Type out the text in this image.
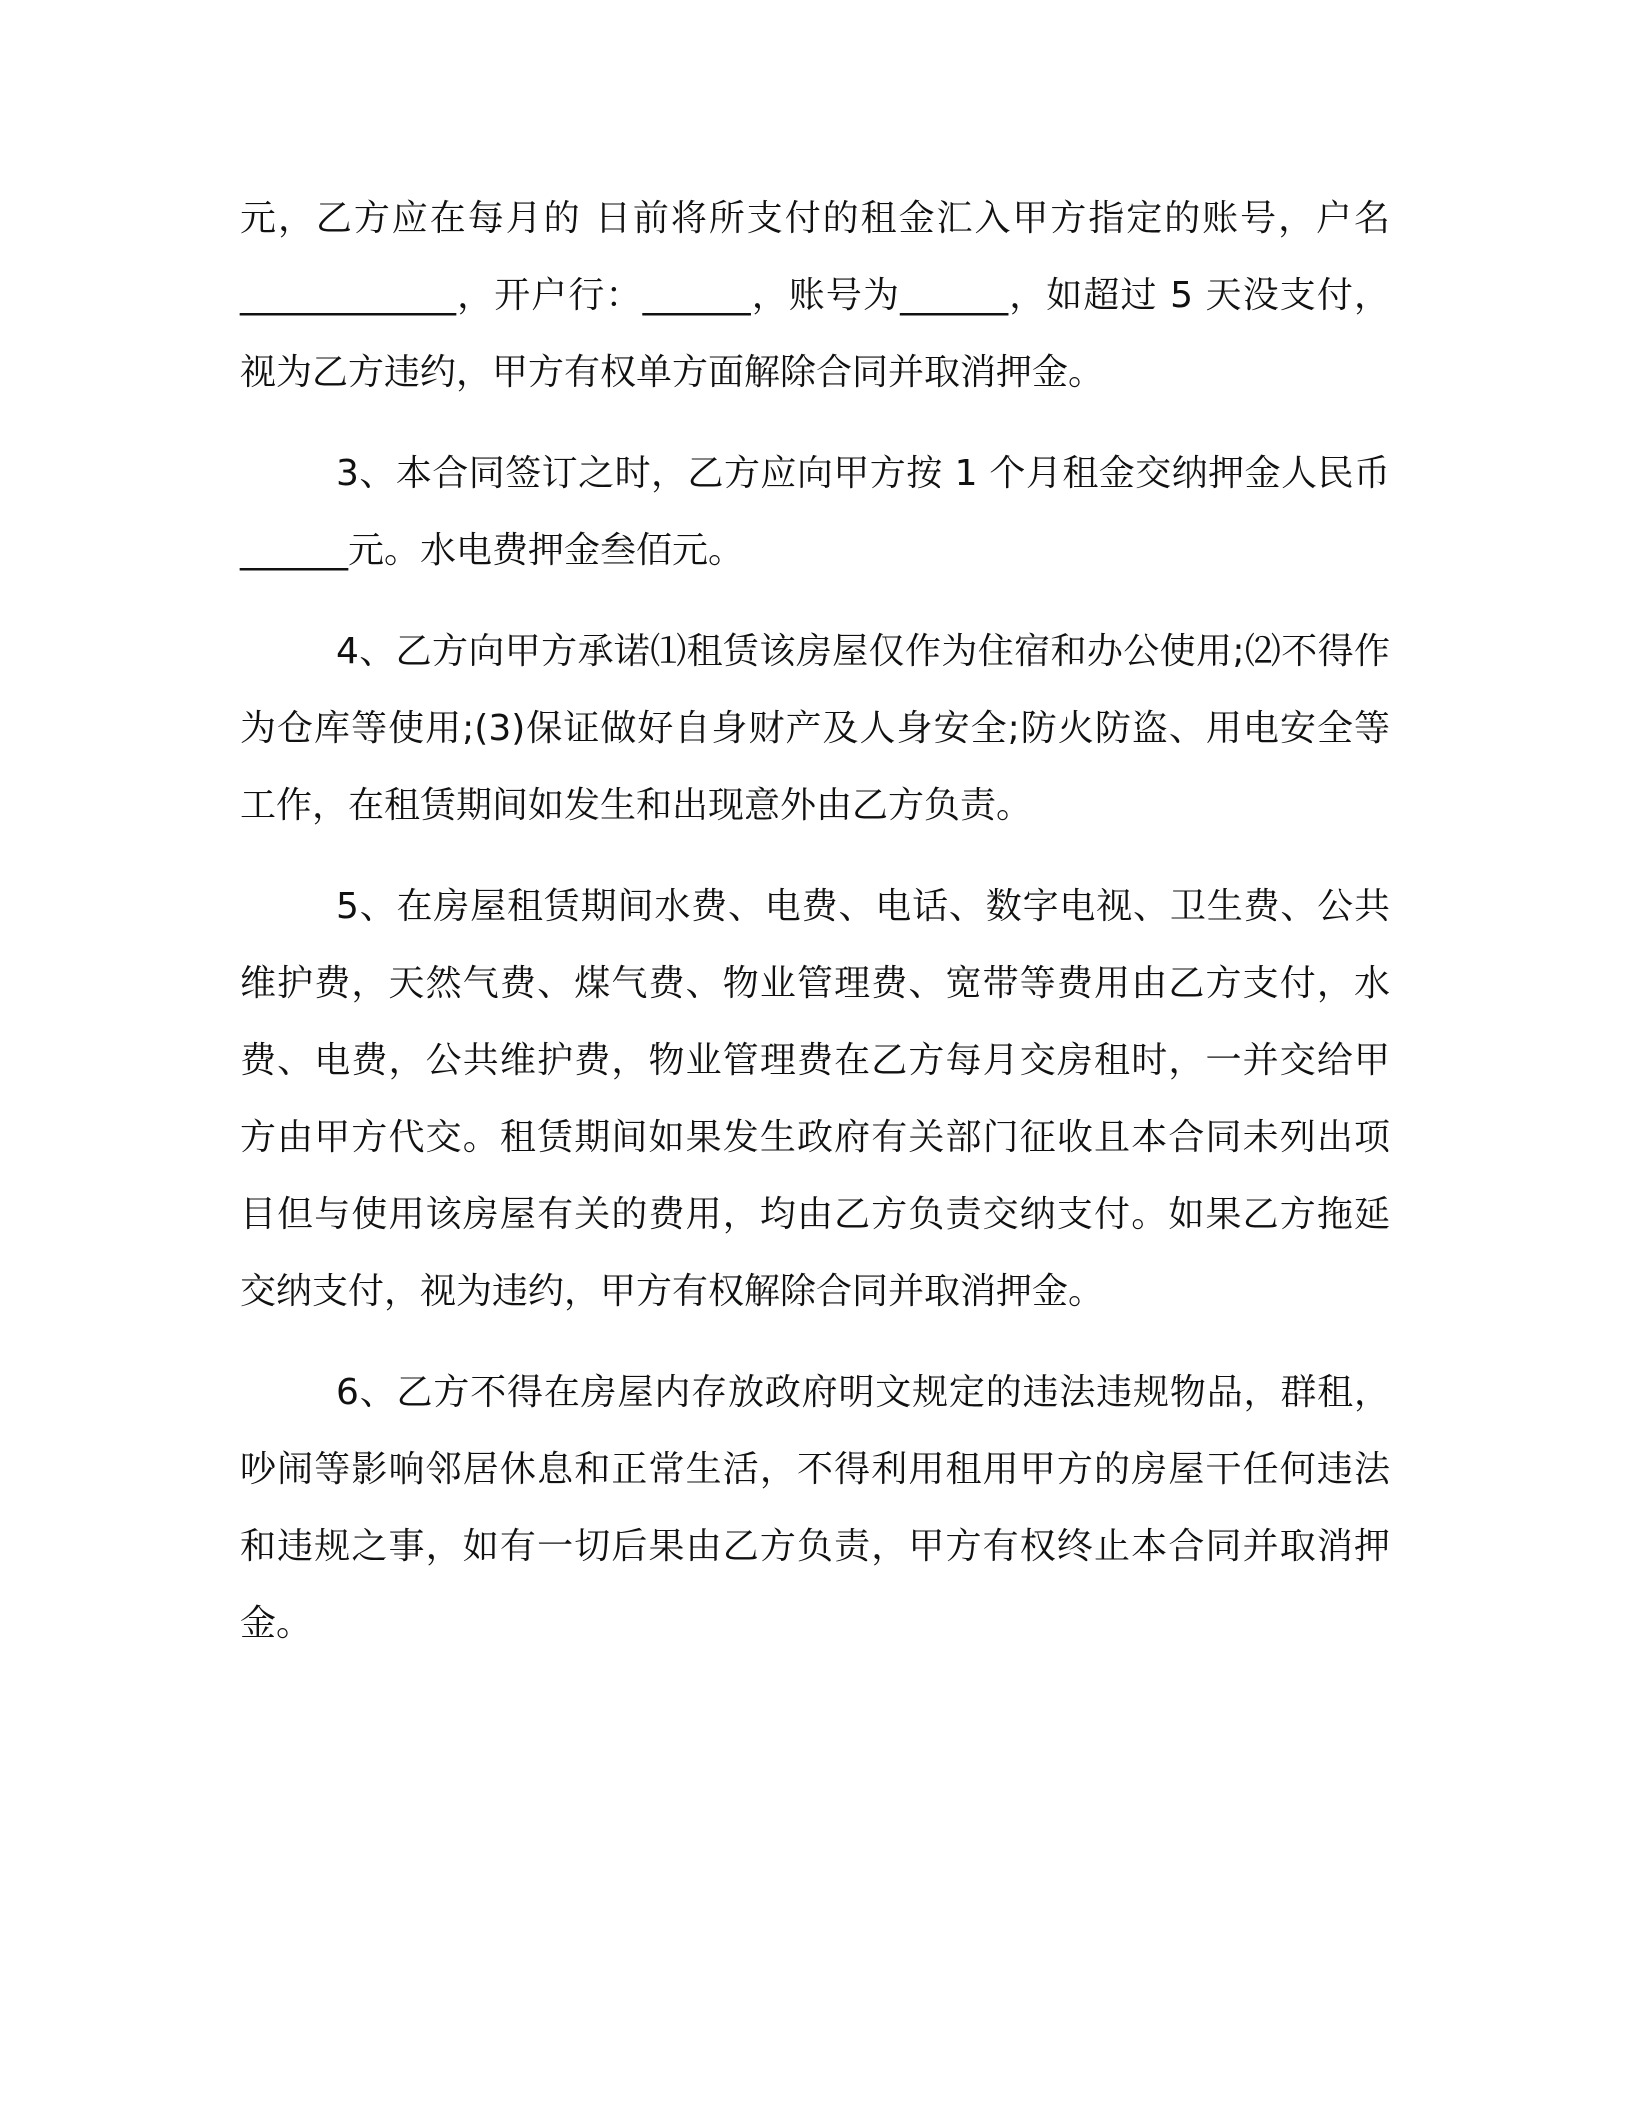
元，乙方应在每月的 日前将所支付的租金汇入甲方指定的账号，户名____________，开户行：______，账号为______，如超过 5 天没支付，视为乙方违约，甲方有权单方面解除合同并取消押金。

3、本合同签订之时，乙方应向甲方按 1 个月租金交纳押金人民币______元。水电费押金叁佰元。

4、乙方向甲方承诺⑴租赁该房屋仅作为住宿和办公使用;⑵不得作为仓库等使用;(3)保证做好自身财产及人身安全;防火防盗、用电安全等工作，在租赁期间如发生和出现意外由乙方负责。

5、在房屋租赁期间水费、电费、电话、数字电视、卫生费、公共维护费，天然气费、煤气费、物业管理费、宽带等费用由乙方支付，水费、电费，公共维护费，物业管理费在乙方每月交房租时，一并交给甲方由甲方代交。租赁期间如果发生政府有关部门征收且本合同未列出项目但与使用该房屋有关的费用，均由乙方负责交纳支付。如果乙方拖延交纳支付，视为违约，甲方有权解除合同并取消押金。

6、乙方不得在房屋内存放政府明文规定的违法违规物品，群租，吵闹等影响邻居休息和正常生活，不得利用租用甲方的房屋干任何违法和违规之事，如有一切后果由乙方负责，甲方有权终止本合同并取消押金。
